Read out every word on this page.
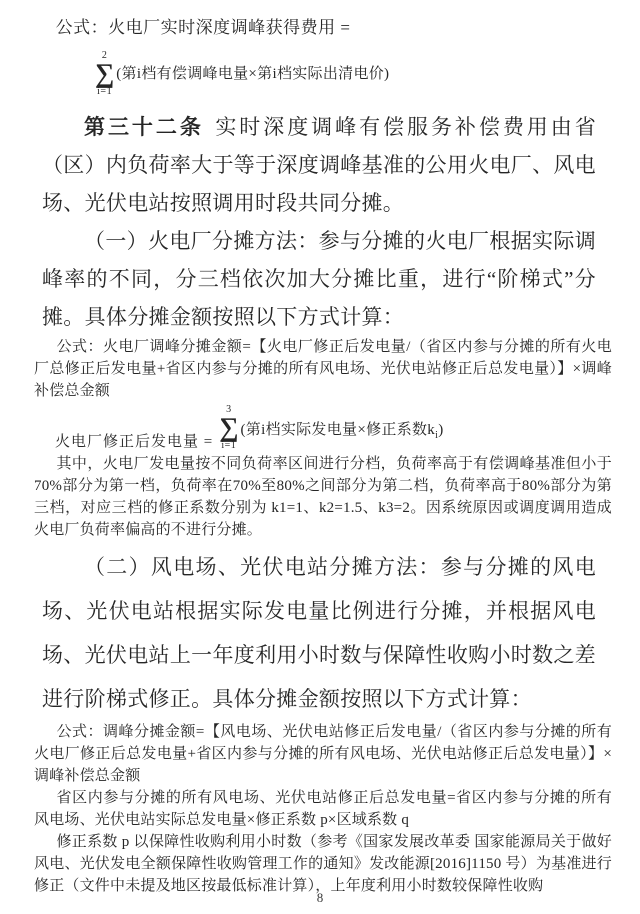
公式：火电厂实时深度调峰获得费用 =

2
∑
i=1
(第i档有偿调峰电量×第i档实际出清电价)

第三十二条 实时深度调峰有偿服务补偿费用由省（区）内负荷率大于等于深度调峰基准的公用火电厂、风电场、光伏电站按照调用时段共同分摊。

（一）火电厂分摊方法：参与分摊的火电厂根据实际调峰率的不同，分三档依次加大分摊比重，进行“阶梯式”分摊。具体分摊金额按照以下方式计算：

公式：火电厂调峰分摊金额=【火电厂修正后发电量/（省区内参与分摊的所有火电厂总修正后发电量+省区内参与分摊的所有风电场、光伏电站修正后总发电量）】×调峰补偿总金额

火电厂修正后发电量 =
3
∑
i=1
(第i档实际发电量×修正系数$k_i$)

其中，火电厂发电量按不同负荷率区间进行分档，负荷率高于有偿调峰基准但小于70%部分为第一档，负荷率在70%至80%之间部分为第二档，负荷率高于80%部分为第三档，对应三档的修正系数分别为 k1=1、k2=1.5、k3=2。因系统原因或调度调用造成火电厂负荷率偏高的不进行分摊。

（二）风电场、光伏电站分摊方法：参与分摊的风电场、光伏电站根据实际发电量比例进行分摊，并根据风电场、光伏电站上一年度利用小时数与保障性收购小时数之差进行阶梯式修正。具体分摊金额按照以下方式计算：

公式：调峰分摊金额=【风电场、光伏电站修正后发电量/（省区内参与分摊的所有火电厂修正后总发电量+省区内参与分摊的所有风电场、光伏电站修正后总发电量）】×调峰补偿总金额

省区内参与分摊的所有风电场、光伏电站修正后总发电量=省区内参与分摊的所有风电场、光伏电站实际总发电量×修正系数 p×区域系数 q

修正系数 p 以保障性收购利用小时数（参考《国家发展改革委 国家能源局关于做好风电、光伏发电全额保障性收购管理工作的通知》发改能源[2016]1150 号）为基准进行修正（文件中未提及地区按最低标准计算），上年度利用小时数较保障性收购

8
